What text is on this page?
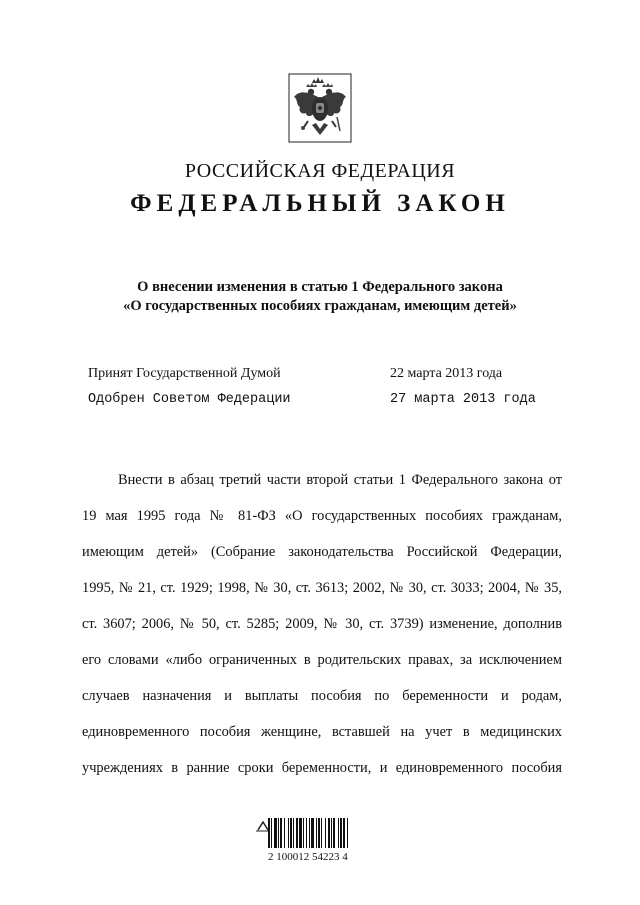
РОССИЙСКАЯ ФЕДЕРАЦИЯ
ФЕДЕРАЛЬНЫЙ ЗАКОН
О внесении изменения в статью 1 Федерального закона
«О государственных пособиях гражданам, имеющим детей»
Принят Государственной Думой	22 марта 2013 года
Одобрен Советом Федерации	27 марта 2013 года
Внести в абзац третий части второй статьи 1 Федерального закона от
19 мая 1995 года № 81-ФЗ «О государственных пособиях гражданам,
имеющим детей» (Собрание законодательства Российской Федерации,
1995, № 21, ст. 1929; 1998, № 30, ст. 3613; 2002, № 30, ст. 3033; 2004, № 35,
ст. 3607; 2006, № 50, ст. 5285; 2009, № 30, ст. 3739) изменение, дополнив
его словами «либо ограниченных в родительских правах, за исключением
случаев назначения и выплаты пособия по беременности и родам,
единовременного пособия женщине, вставшей на учет в медицинских
учреждениях в ранние сроки беременности, и единовременного пособия
2 100012 54223 4
